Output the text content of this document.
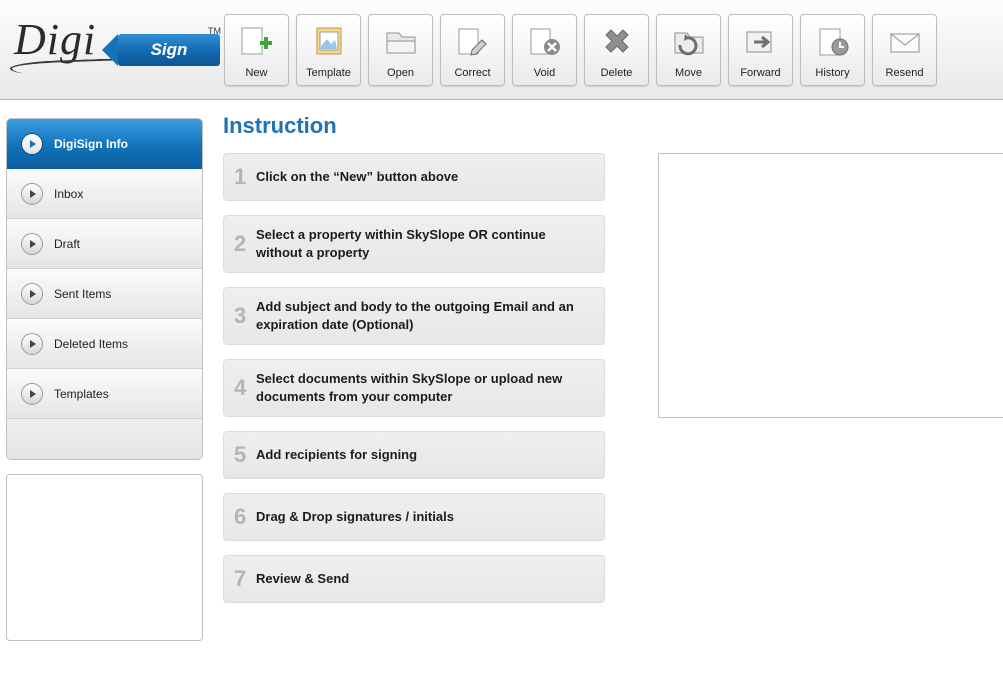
Digi	Sign
TM
New	Template	Open	Correct	Void	Delete	Move	Forward	History	Resend
DigiSign Info
Inbox
Draft
Sent Items
Deleted Items
Templates
Instruction
1 Click on the “New” button above
2 Select a property within SkySlope OR continue without a property
3 Add subject and body to the outgoing Email and an expiration date (Optional)
4 Select documents within SkySlope or upload new documents from your computer
5 Add recipients for signing
6 Drag & Drop signatures / initials
7 Review & Send
